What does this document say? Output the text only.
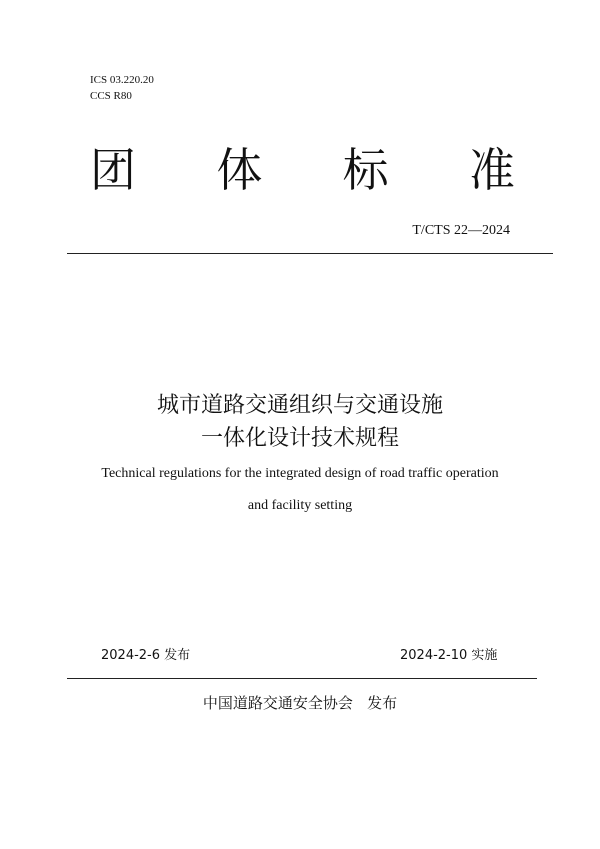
ICS 03.220.20
CCS R80
团 体 标 准
T/CTS 22—2024
城市道路交通组织与交通设施
一体化设计技术规程
Technical regulations for the integrated design of road traffic operation
and facility setting
2024-2-6 发布	2024-2-10 实施
中国道路交通安全协会   发布
